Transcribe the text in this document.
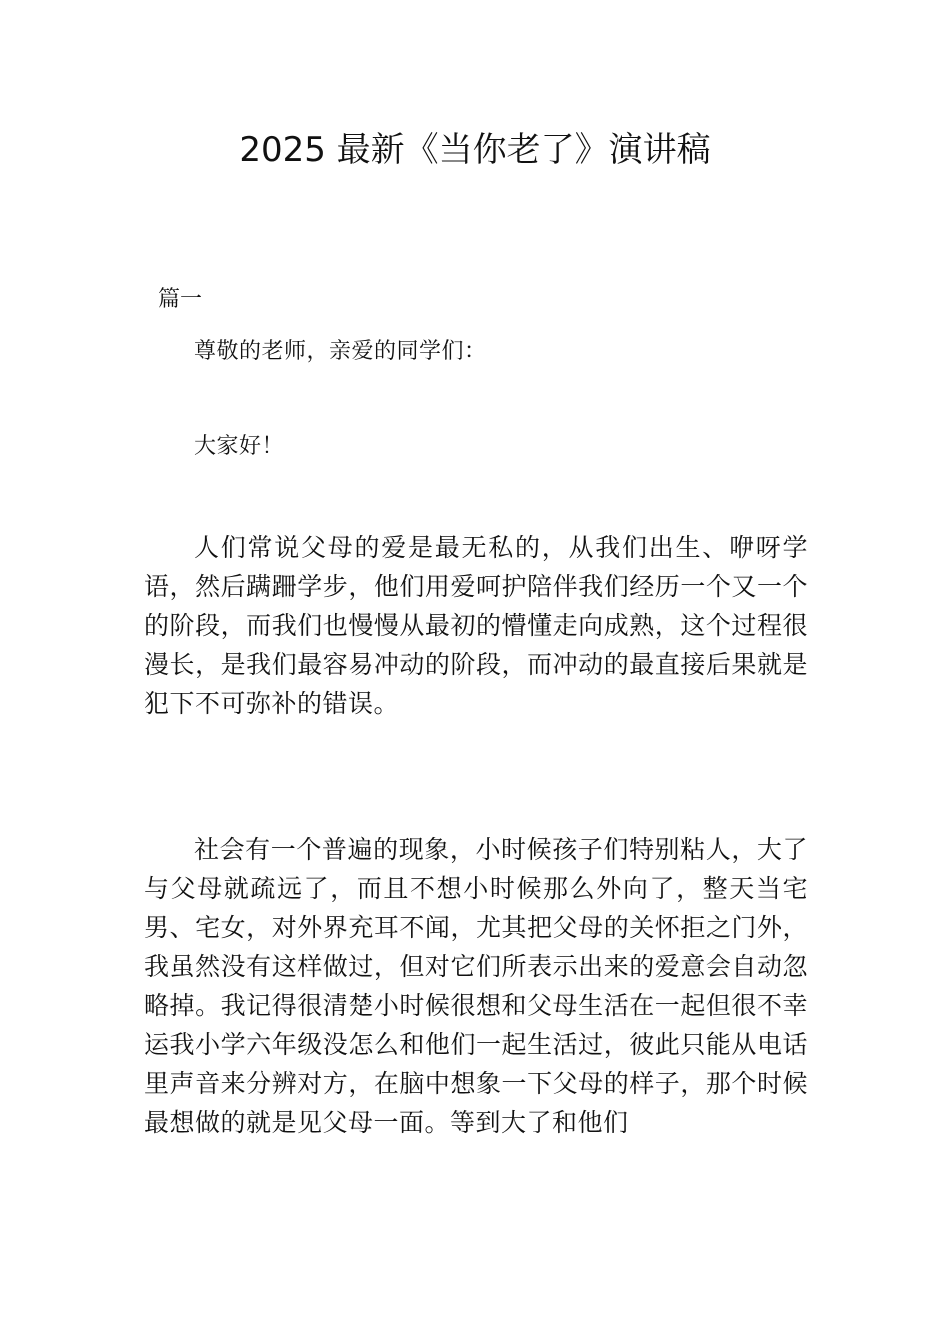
2025 最新《当你老了》演讲稿

篇一

尊敬的老师，亲爱的同学们：

大家好！

人们常说父母的爱是最无私的，从我们出生、咿呀学语，然后蹒跚学步，他们用爱呵护陪伴我们经历一个又一个的阶段，而我们也慢慢从最初的懵懂走向成熟，这个过程很漫长，是我们最容易冲动的阶段，而冲动的最直接后果就是犯下不可弥补的错误。

社会有一个普遍的现象，小时候孩子们特别粘人，大了与父母就疏远了，而且不想小时候那么外向了，整天当宅男、宅女，对外界充耳不闻，尤其把父母的关怀拒之门外，我虽然没有这样做过，但对它们所表示出来的爱意会自动忽略掉。我记得很清楚小时候很想和父母生活在一起但很不幸运我小学六年级没怎么和他们一起生活过，彼此只能从电话里声音来分辨对方，在脑中想象一下父母的样子，那个时候最想做的就是见父母一面。等到大了和他们
